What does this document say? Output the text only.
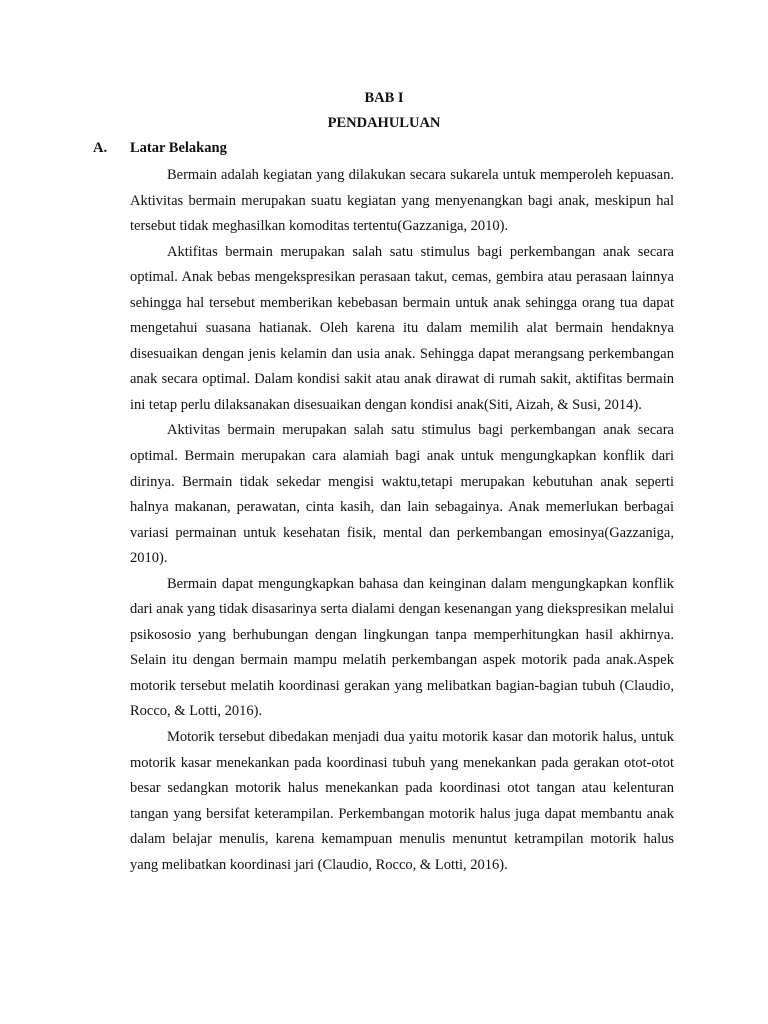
BAB I
PENDAHULUAN
A. Latar Belakang

Bermain adalah kegiatan yang dilakukan secara sukarela untuk memperoleh kepuasan. Aktivitas bermain merupakan suatu kegiatan yang menyenangkan bagi anak, meskipun hal tersebut tidak meghasilkan komoditas tertentu(Gazzaniga, 2010).

Aktifitas bermain merupakan salah satu stimulus bagi perkembangan anak secara optimal. Anak bebas mengekspresikan perasaan takut, cemas, gembira atau perasaan lainnya sehingga hal tersebut memberikan kebebasan bermain untuk anak sehingga orang tua dapat mengetahui suasana hatianak. Oleh karena itu dalam memilih alat bermain hendaknya disesuaikan dengan jenis kelamin dan usia anak. Sehingga dapat merangsang perkembangan anak secara optimal. Dalam kondisi sakit atau anak dirawat di rumah sakit, aktifitas bermain ini tetap perlu dilaksanakan disesuaikan dengan kondisi anak(Siti, Aizah, & Susi, 2014).

Aktivitas bermain merupakan salah satu stimulus bagi perkembangan anak secara optimal. Bermain merupakan cara alamiah bagi anak untuk mengungkapkan konflik dari dirinya. Bermain tidak sekedar mengisi waktu,tetapi merupakan kebutuhan anak seperti halnya makanan, perawatan, cinta kasih, dan lain sebagainya. Anak memerlukan berbagai variasi permainan untuk kesehatan fisik, mental dan perkembangan emosinya(Gazzaniga, 2010).

Bermain dapat mengungkapkan bahasa dan keinginan dalam mengungkapkan konflik dari anak yang tidak disasarinya serta dialami dengan kesenangan yang diekspresikan melalui psikososio yang berhubungan dengan lingkungan tanpa memperhitungkan hasil akhirnya. Selain itu dengan bermain mampu melatih perkembangan aspek motorik pada anak.Aspek motorik tersebut melatih koordinasi gerakan yang melibatkan bagian-bagian tubuh (Claudio, Rocco, & Lotti, 2016).

Motorik tersebut dibedakan menjadi dua yaitu motorik kasar dan motorik halus, untuk motorik kasar menekankan pada koordinasi tubuh yang menekankan pada gerakan otot-otot besar sedangkan motorik halus menekankan pada koordinasi otot tangan atau kelenturan tangan yang bersifat keterampilan. Perkembangan motorik halus juga dapat membantu anak dalam belajar menulis, karena kemampuan menulis menuntut ketrampilan motorik halus yang melibatkan koordinasi jari (Claudio, Rocco, & Lotti, 2016).
